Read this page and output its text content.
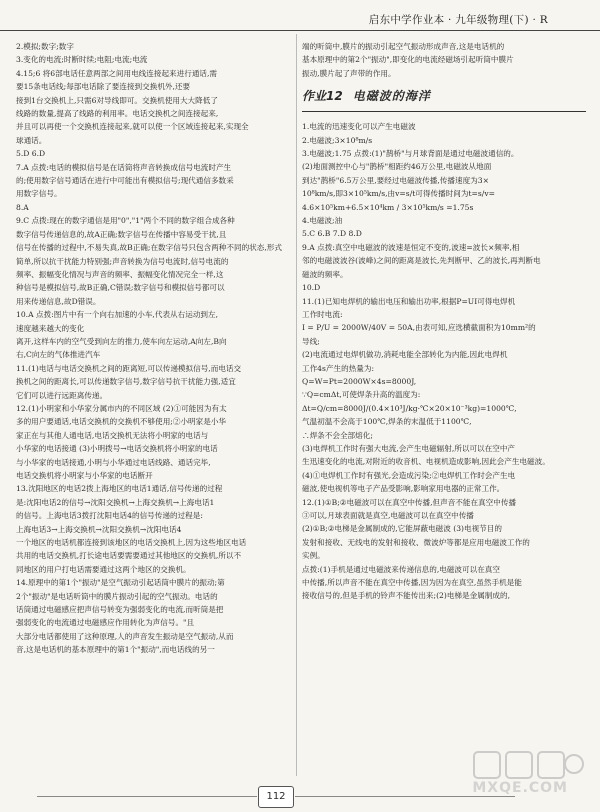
启东中学作业本 · 九年级物理(下) · R
2.模拟;数字;数字
3.变化的电流;时断时续;电阻;电流;电流
4.15;6 将6部电话任意两部之间用电线连接起来进行通话,需
要15条电话线;每部电话除了要连接到交换机外,还要
接到1台交换机上,只需6对导线即可。交换机使用大大降低了
线路的数量,提高了线路的利用率。电话交换机之间连接起来,
并且可以再使一个交换机连接起来,就可以使一个区域连接起来,实现全
球通话。
5.D 6.D
7.A 点拨:电话的模拟信号是在话筒将声音转换成信号电流时产生
的;使用数字信号通话在进行中可能出有模拟信号;现代通信多数采
用数字信号。
8.A
9.C 点拨:现在的数字通信是用"0","1"两个不同的数字组合成各种
数字信号传递信息的,故A正确;数字信号在传播中容易受干扰,且
信号在传播的过程中,不易失真,故B正确;在数字信号只包含两种不同的状态,形式
简单,所以抗干扰能力特别强;声音转换为信号电流时,信号电流的
频率、振幅变化情况与声音的频率、振幅变化情况完全一样,这
种信号是模拟信号,故B正确,C错误;数字信号和模拟信号都可以
用来传递信息,故D错误。
10.A 点拨:图片中有一个向右加速的小车,代表从右运动到左,
速度越来越大的变化
离开,这样车内的空气受到向左的推力,使车向左运动,A向左,B向
右,C向左的气体推进汽车
11.(1)电话与电话交换机之间的距离短,可以传递模拟信号,而电话交
换机之间的距离长,可以传递数字信号,数字信号抗干扰能力强,适宜
它们可以进行远距离传递。
12.(1)小明家和小华家分属市内的不同区域 (2)①可能因为有太
多的用户要通话,电话交换机的交换机不够使用;②小明家是小华
家正在与其他人通电话,电话交换机无法将小明家的电话与
小华家的电话接通 (3)小明拨号→电话交换机将小明家的电话
与小华家的电话接通,小明与小华通过电话线路、通话完毕,
电话交换机将小明家与小华家的电话断开
13.沈阳地区的电话2拨上海地区的电话1通话,信号传递的过程
是:沈阳电话2的信号→沈阳交换机→上海交换机→上海电话1
的信号。上海电话3拨打沈阳电话4的信号传递的过程是:
上海电话3→上海交换机→沈阳交换机→沈阳电话4
一个地区的电话机都连接到该地区的电话交换机上,因为这些地区电话
共用的电话交换机,打长途电话要需要通过其他地区的交换机,所以不
同地区的用户打电话需要通过这两个地区的交换机。
14.原理中的第1个"振动"是空气振动引起话筒中膜片的振动;第
2个"振动"是电话听筒中的膜片振动引起的空气振动。电话的
话筒通过电磁感应把声信号转变为强弱变化的电流,而听筒是把
强弱变化的电流通过电磁感应作用转化为声信号。"且
大部分电话都使用了这种原理,人的声音发生振动是空气振动,从而
音,这是电话机的基本原理中的第1个"振动",而电话线的另一
端的听筒中,膜片的振动引起空气振动形成声音,这是电话机的
基本原理中的第2个"振动",即变化的电流经磁场引起听筒中膜片
振动,膜片起了声带的作用。
作业12 电磁波的海洋
1.电流的迅速变化可以产生电磁波
2.电磁波;3×10⁸m/s
3.电磁波;1.75 点拨:(1)"鹊桥"与月球背面是通过电磁波通信的。
(2)地面测控中心与"鹊桥"相距约46万公里,电磁波从地面
到达"鹊桥"6.5万公里,要经过电磁波传播,传播速度为3×
10⁸km/s,即3×10⁵km/s,由v=s/t可得传播时间为t=s/v=
4.6×10⁵km+6.5×10⁴km / 3×10⁵km/s =1.75s
4.电磁波;油
5.C 6.B 7.D 8.D
9.A 点拨:真空中电磁波的波速是恒定不变的,波速=波长×频率,相
邻的电磁波波谷(波峰)之间的距离是波长,先判断甲、乙的波长,再判断电
磁波的频率。
10.D
11.(1)已知电焊机的输出电压和输出功率,根据P=UI可得电焊机
工作时电流:
I = P/U = 2000W/40V = 50A,由表可知,应选横截面积为10mm²的
导线;
(2)电流通过电焊机做功,消耗电能全部转化为内能,因此电焊机
工作4s产生的热量为:
Q=W=Pt=2000W×4s=8000J,
∵Q=cmΔt,可使焊条升高的温度为:
Δt=Q/cm=8000J/(0.4×10³J/kg·℃×20×10⁻³kg)=1000℃,
气温初温不会高于100℃,焊条的末温低于1100℃,
∴焊条不会全部熔化;
(3)电焊机工作时有强大电流,会产生电磁辐射,所以可以在空中产
生迅速变化的电流,对附近的收音机、电视机造成影响,因此会产生电磁波。
(4)①电焊机工作时有强光,会造成污染;②电焊机工作时会产生电
磁波,使电视机等电子产品受影响,影响家用电器的正常工作。
12.(1)①B;②电磁波可以在真空中传播,但声音不能在真空中传播
③可以,月球表面就是真空,电磁波可以在真空中传播
(2)①B;②电梯是金属制成的,它能屏蔽电磁波 (3)电视节目的
发射和接收、无线电的发射和接收、微波炉等都是应用电磁波工作的
实例。
点拨:(1)手机是通过电磁波来传递信息的,电磁波可以在真空
中传播,所以声音不能在真空中传播,因为因为在真空,虽然手机是能
接收信号的,但是手机的铃声不能传出来;(2)电梯是金属制成的,
112
MXQE.COM
